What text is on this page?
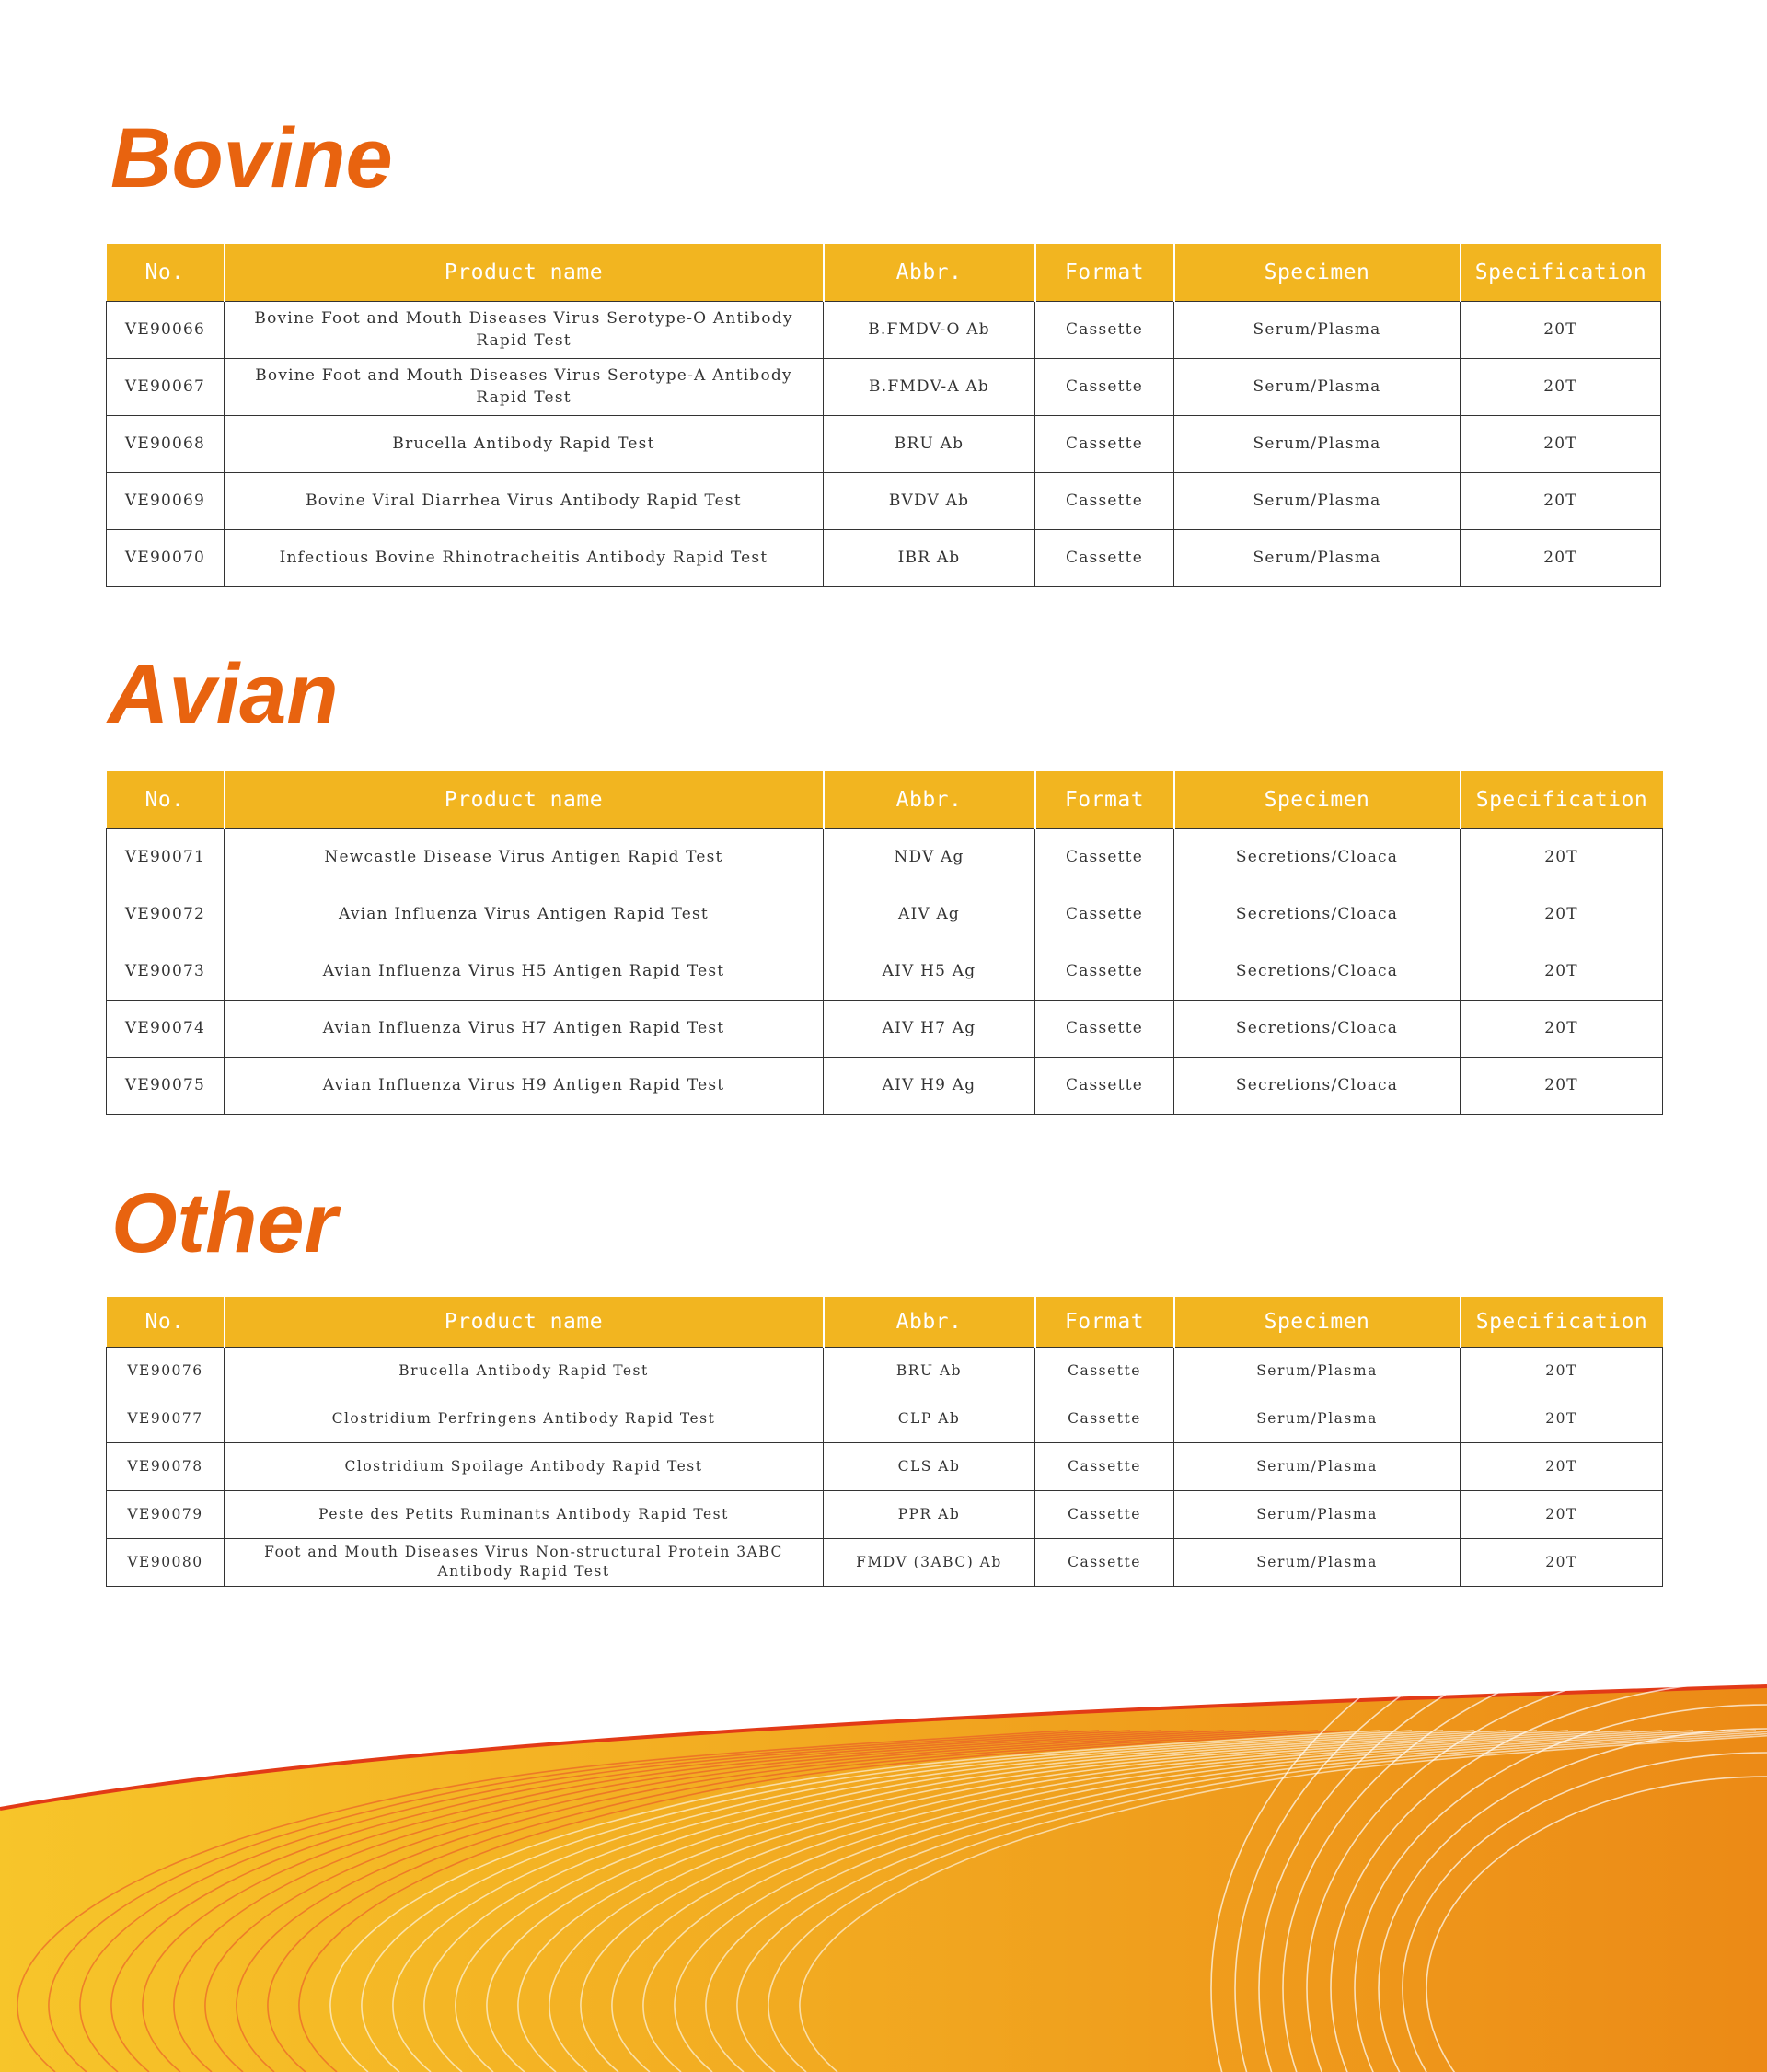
Bovine
No.	Product name	Abbr.	Format	Specimen	Specification
VE90066	Bovine Foot and Mouth Diseases Virus Serotype-O Antibody Rapid Test	B.FMDV-O Ab	Cassette	Serum/Plasma	20T
VE90067	Bovine Foot and Mouth Diseases Virus Serotype-A Antibody Rapid Test	B.FMDV-A Ab	Cassette	Serum/Plasma	20T
VE90068	Brucella Antibody Rapid Test	BRU Ab	Cassette	Serum/Plasma	20T
VE90069	Bovine Viral Diarrhea Virus Antibody Rapid Test	BVDV Ab	Cassette	Serum/Plasma	20T
VE90070	Infectious Bovine Rhinotracheitis Antibody Rapid Test	IBR Ab	Cassette	Serum/Plasma	20T
Avian
No.	Product name	Abbr.	Format	Specimen	Specification
VE90071	Newcastle Disease Virus Antigen Rapid Test	NDV Ag	Cassette	Secretions/Cloaca	20T
VE90072	Avian Influenza Virus Antigen Rapid Test	AIV Ag	Cassette	Secretions/Cloaca	20T
VE90073	Avian Influenza Virus H5 Antigen Rapid Test	AIV H5 Ag	Cassette	Secretions/Cloaca	20T
VE90074	Avian Influenza Virus H7 Antigen Rapid Test	AIV H7 Ag	Cassette	Secretions/Cloaca	20T
VE90075	Avian Influenza Virus H9 Antigen Rapid Test	AIV H9 Ag	Cassette	Secretions/Cloaca	20T
Other
No.	Product name	Abbr.	Format	Specimen	Specification
VE90076	Brucella Antibody Rapid Test	BRU Ab	Cassette	Serum/Plasma	20T
VE90077	Clostridium Perfringens Antibody Rapid Test	CLP Ab	Cassette	Serum/Plasma	20T
VE90078	Clostridium Spoilage Antibody Rapid Test	CLS Ab	Cassette	Serum/Plasma	20T
VE90079	Peste des Petits Ruminants Antibody Rapid Test	PPR Ab	Cassette	Serum/Plasma	20T
VE90080	Foot and Mouth Diseases Virus Non-structural Protein 3ABC Antibody Rapid Test	FMDV (3ABC) Ab	Cassette	Serum/Plasma	20T
